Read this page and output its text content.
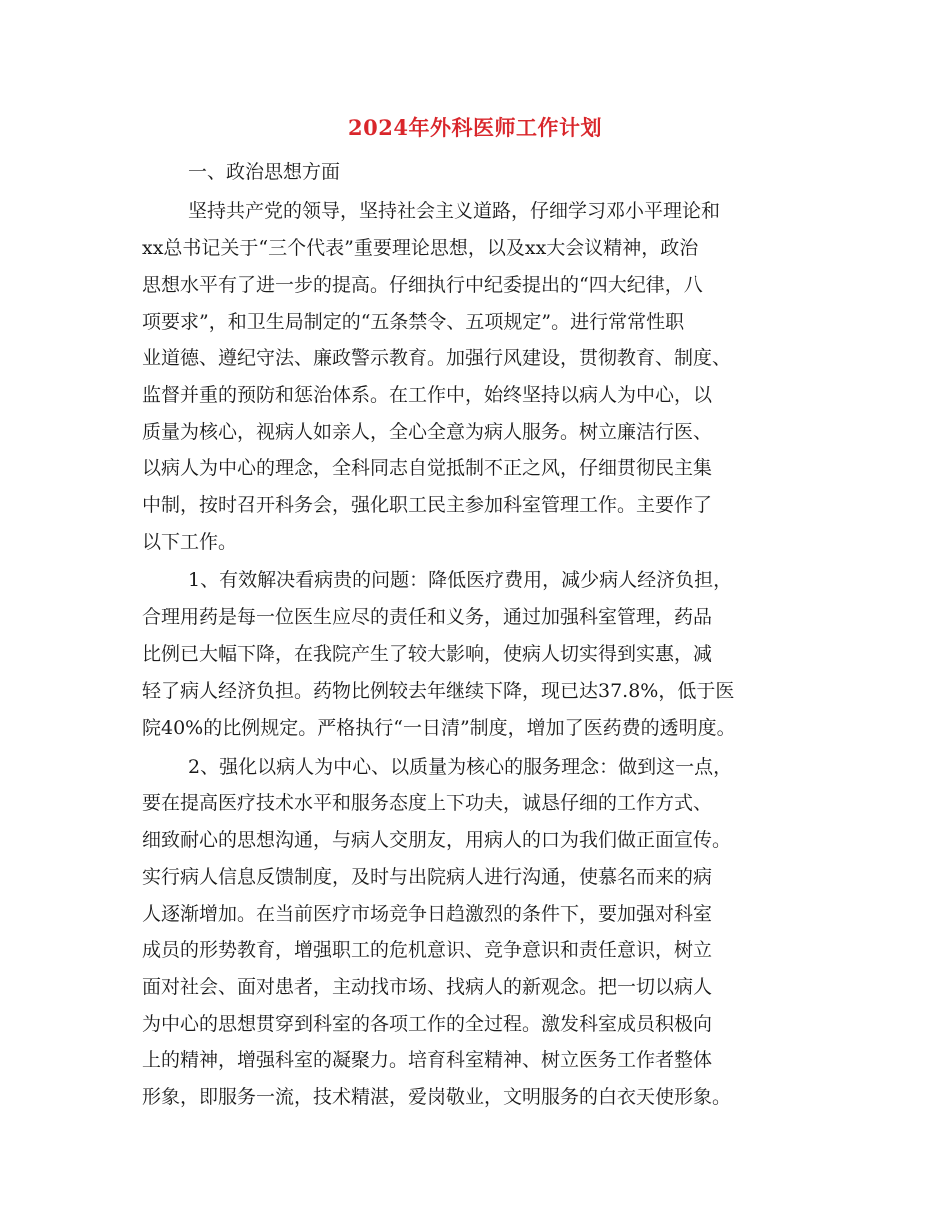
2024年外科医师工作计划
一、政治思想方面
坚持共产党的领导，坚持社会主义道路，仔细学习邓小平理论和
xx总书记关于“三个代表”重要理论思想，以及xx大会议精神，政治
思想水平有了进一步的提高。仔细执行中纪委提出的“四大纪律，八
项要求”，和卫生局制定的“五条禁令、五项规定”。进行常常性职
业道德、遵纪守法、廉政警示教育。加强行风建设，贯彻教育、制度、
监督并重的预防和惩治体系。在工作中，始终坚持以病人为中心，以
质量为核心，视病人如亲人，全心全意为病人服务。树立廉洁行医、
以病人为中心的理念，全科同志自觉抵制不正之风，仔细贯彻民主集
中制，按时召开科务会，强化职工民主参加科室管理工作。主要作了
以下工作。
1、有效解决看病贵的问题：降低医疗费用，减少病人经济负担，
合理用药是每一位医生应尽的责任和义务，通过加强科室管理，药品
比例已大幅下降，在我院产生了较大影响，使病人切实得到实惠，减
轻了病人经济负担。药物比例较去年继续下降，现已达37.8%，低于医
院40%的比例规定。严格执行“一日清”制度，增加了医药费的透明度。
2、强化以病人为中心、以质量为核心的服务理念：做到这一点，
要在提高医疗技术水平和服务态度上下功夫，诚恳仔细的工作方式、
细致耐心的思想沟通，与病人交朋友，用病人的口为我们做正面宣传。
实行病人信息反馈制度，及时与出院病人进行沟通，使慕名而来的病
人逐渐增加。在当前医疗市场竞争日趋激烈的条件下，要加强对科室
成员的形势教育，增强职工的危机意识、竞争意识和责任意识，树立
面对社会、面对患者，主动找市场、找病人的新观念。把一切以病人
为中心的思想贯穿到科室的各项工作的全过程。激发科室成员积极向
上的精神，增强科室的凝聚力。培育科室精神、树立医务工作者整体
形象，即服务一流，技术精湛，爱岗敬业，文明服务的白衣天使形象。
